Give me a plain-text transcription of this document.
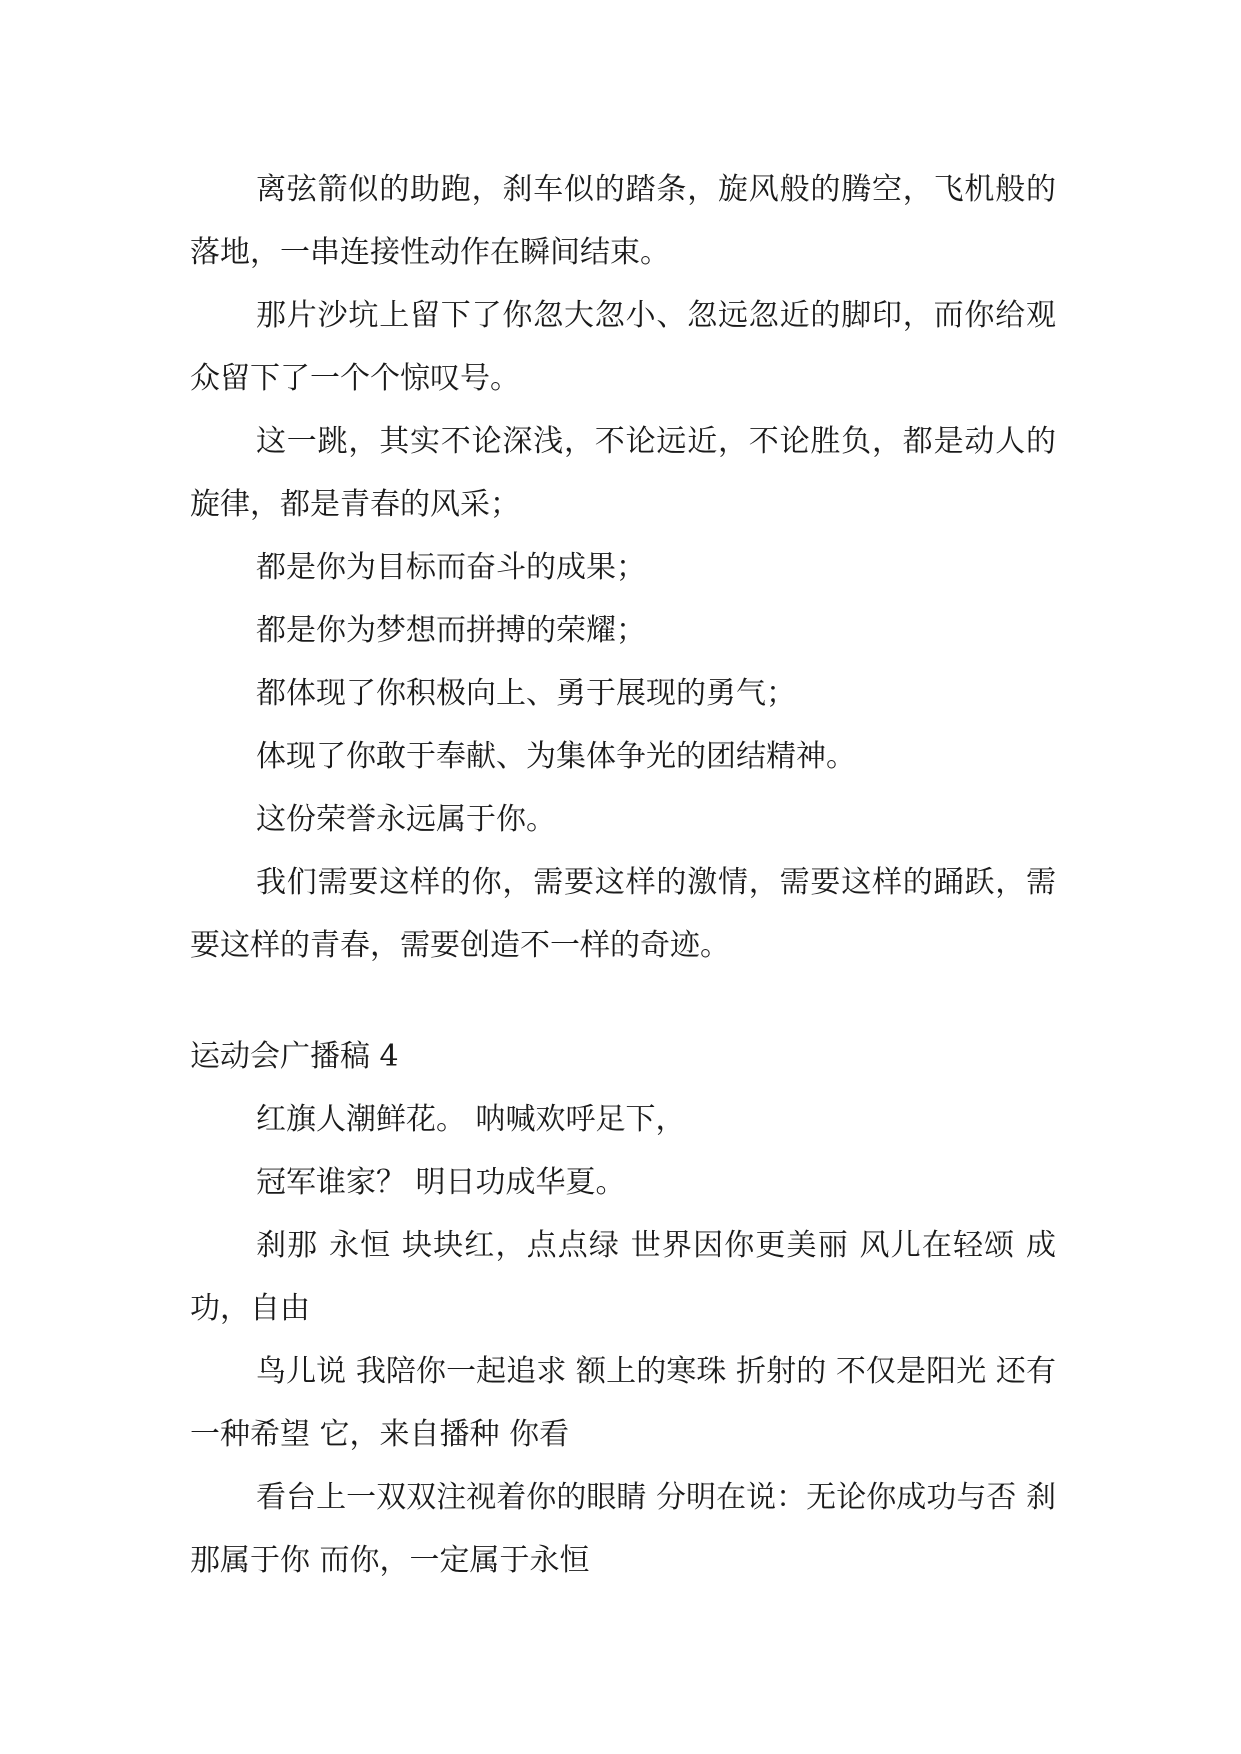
离弦箭似的助跑，刹车似的踏条，旋风般的腾空，飞机般的落地，一串连接性动作在瞬间结束。

那片沙坑上留下了你忽大忽小、忽远忽近的脚印，而你给观众留下了一个个惊叹号。

这一跳，其实不论深浅，不论远近，不论胜负，都是动人的旋律，都是青春的风采；

都是你为目标而奋斗的成果；

都是你为梦想而拼搏的荣耀；

都体现了你积极向上、勇于展现的勇气；

体现了你敢于奉献、为集体争光的团结精神。

这份荣誉永远属于你。

我们需要这样的你，需要这样的激情，需要这样的踊跃，需要这样的青春，需要创造不一样的奇迹。

运动会广播稿 4

红旗人潮鲜花。 呐喊欢呼足下，

冠军谁家？ 明日功成华夏。

刹那 永恒 块块红，点点绿 世界因你更美丽 风儿在轻颂 成功，自由

鸟儿说 我陪你一起追求 额上的寒珠 折射的 不仅是阳光 还有一种希望 它，来自播种 你看

看台上一双双注视着你的眼睛 分明在说：无论你成功与否 刹那属于你 而你，一定属于永恒
